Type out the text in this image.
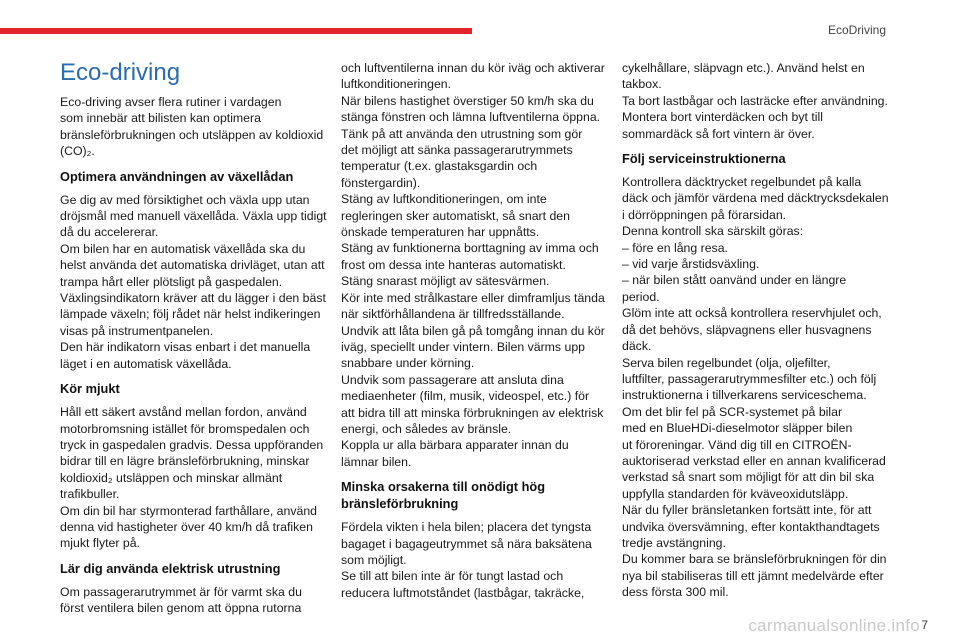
EcoDriving
Eco-driving

Eco-driving avser flera rutiner i vardagen
som innebär att bilisten kan optimera
bränsleförbrukningen och utsläppen av koldioxid
(CO)₂.

Optimera användningen av växellådan

Ge dig av med försiktighet och växla upp utan
dröjsmål med manuell växellåda. Växla upp tidigt
då du accelererar.
Om bilen har en automatisk växellåda ska du
helst använda det automatiska drivläget, utan att
trampa hårt eller plötsligt på gaspedalen.
Växlingsindikatorn kräver att du lägger i den bäst
lämpade växeln; följ rådet när helst indikeringen
visas på instrumentpanelen.
Den här indikatorn visas enbart i det manuella
läget i en automatisk växellåda.

Kör mjukt

Håll ett säkert avstånd mellan fordon, använd
motorbromsning istället för bromspedalen och
tryck in gaspedalen gradvis. Dessa uppföranden
bidrar till en lägre bränsleförbrukning, minskar
koldioxid₂ utsläppen och minskar allmänt
trafikbuller.
Om din bil har styrmonterad farthållare, använd
denna vid hastigheter över 40 km/h då trafiken
mjukt flyter på.

Lär dig använda elektrisk utrustning

Om passagerarutrymmet är för varmt ska du
först ventilera bilen genom att öppna rutorna

och luftventilerna innan du kör iväg och aktiverar
luftkonditioneringen.
När bilens hastighet överstiger 50 km/h ska du
stänga fönstren och lämna luftventilerna öppna.
Tänk på att använda den utrustning som gör
det möjligt att sänka passagerarutrymmets
temperatur (t.ex. glastaksgardin och
fönstergardin).
Stäng av luftkonditioneringen, om inte
regleringen sker automatiskt, så snart den
önskade temperaturen har uppnåtts.
Stäng av funktionerna borttagning av imma och
frost om dessa inte hanteras automatiskt.
Stäng snarast möjligt av sätesvärmen.
Kör inte med strålkastare eller dimframljus tända
när siktförhållandena är tillfredsställande.
Undvik att låta bilen gå på tomgång innan du kör
iväg, speciellt under vintern. Bilen värms upp
snabbare under körning.
Undvik som passagerare att ansluta dina
mediaenheter (film, musik, videospel, etc.) för
att bidra till att minska förbrukningen av elektrisk
energi, och således av bränsle.
Koppla ur alla bärbara apparater innan du
lämnar bilen.

Minska orsakerna till onödigt hög
bränsleförbrukning

Fördela vikten i hela bilen; placera det tyngsta
bagaget i bagageutrymmet så nära baksätena
som möjligt.
Se till att bilen inte är för tungt lastad och
reducera luftmotståndet (lastbågar, takräcke,

cykelhållare, släpvagn etc.). Använd helst en
takbox.
Ta bort lastbågar och lasträcke efter användning.
Montera bort vinterdäcken och byt till
sommardäck så fort vintern är över.

Följ serviceinstruktionerna

Kontrollera däcktrycket regelbundet på kalla
däck och jämför värdena med däcktrycksdekalen
i dörröppningen på förarsidan.
Denna kontroll ska särskilt göras:
– före en lång resa.
– vid varje årstidsväxling.
– när bilen stått oanvänd under en längre
period.
Glöm inte att också kontrollera reservhjulet och,
då det behövs, släpvagnens eller husvagnens
däck.
Serva bilen regelbundet (olja, oljefilter,
luftfilter, passagerarutrymmesfilter etc.) och följ
instruktionerna i tillverkarens serviceschema.
Om det blir fel på SCR-systemet på bilar
med en BlueHDi-dieselmotor släpper bilen
ut föroreningar. Vänd dig till en CITROËN-
auktoriserad verkstad eller en annan kvalificerad
verkstad så snart som möjligt för att din bil ska
uppfylla standarden för kväveoxidutsläpp.
När du fyller bränsletanken fortsätt inte, för att
undvika översvämning, efter kontakthandtagets
tredje avstängning.
Du kommer bara se bränsleförbrukningen för din
nya bil stabiliseras till ett jämnt medelvärde efter
dess första 300 mil.

carmanualsonline.info 7
